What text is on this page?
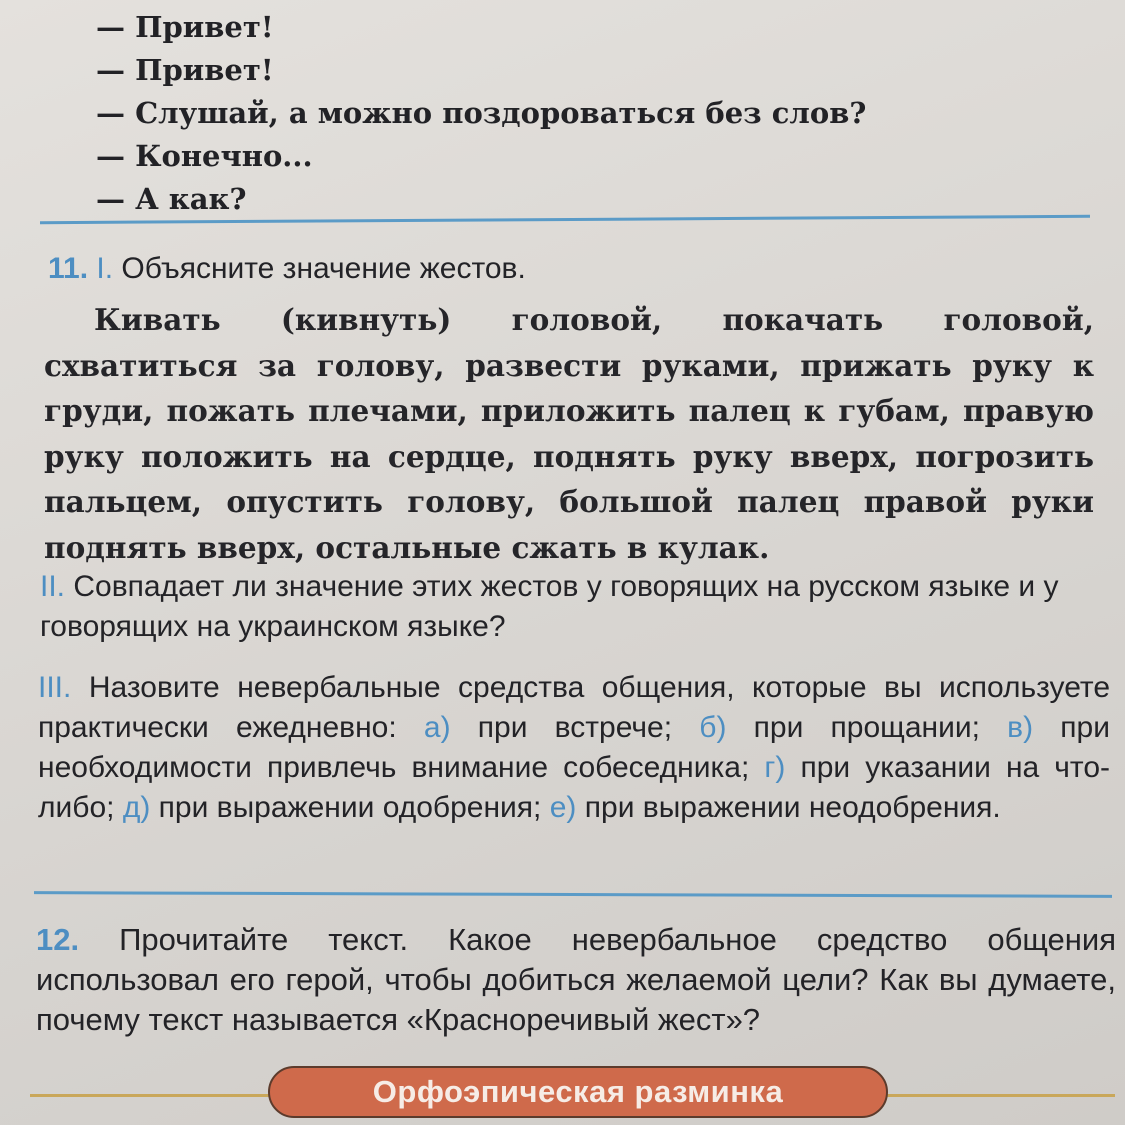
— Привет!
— Привет!
— Слушай, а можно поздороваться без слов?
— Конечно...
— А как?
11. I. Объясните значение жестов.

Кивать (кивнуть) головой, покачать головой, схватиться за голову, развести руками, прижать руку к груди, пожать плечами, приложить палец к губам, правую руку положить на сердце, поднять руку вверх, погрозить пальцем, опустить голову, большой палец правой руки поднять вверх, остальные сжать в кулак.

II. Совпадает ли значение этих жестов у говорящих на русском языке и у говорящих на украинском языке?

III. Назовите невербальные средства общения, которые вы используете практически ежедневно: а) при встрече; б) при прощании; в) при необходимости привлечь внимание собеседника; г) при указании на что-либо; д) при выражении одобрения; е) при выражении неодобрения.

12. Прочитайте текст. Какое невербальное средство общения использовал его герой, чтобы добиться желаемой цели? Как вы думаете, почему текст называется «Красноречивый жест»?

Орфоэпическая разминка
